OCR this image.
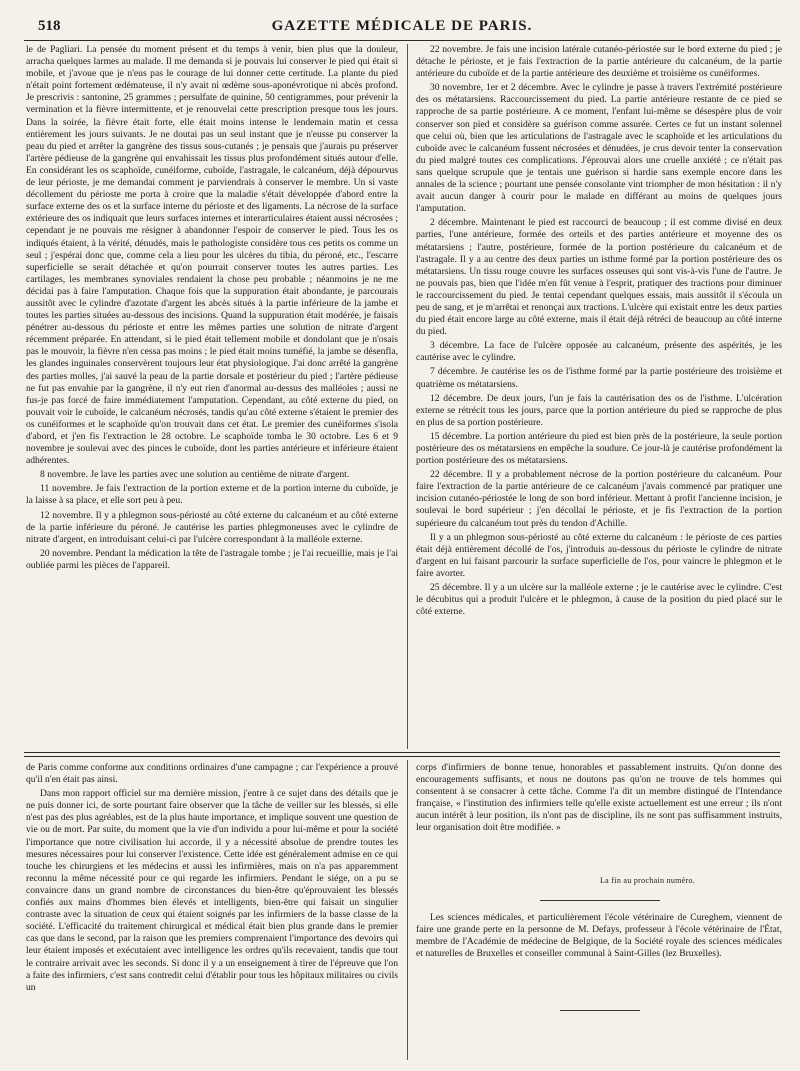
518	GAZETTE MÉDICALE DE PARIS.

le de Pagliari. La pensée du moment présent et du temps à venir, bien plus que la douleur, arracha quelques larmes au malade. Il me demanda si je pouvais lui conserver le pied qui était si mobile, et j'avoue que je n'eus pas le courage de lui donner cette certitude. La plante du pied n'était point fortement œdémateuse, il n'y avait ni œdème sous-aponévrotique ni abcès profond. Je prescrivis : santonine, 25 grammes ; persulfate de quinine, 50 centigrammes, pour prévenir la vermination et la fièvre intermittente, et je renouvelai cette prescription presque tous les jours. Dans la soirée, la fièvre était forte, elle était moins intense le lendemain matin et cessa entièrement les jours suivants. Je ne doutai pas un seul instant que je n'eusse pu conserver la peau du pied et arrêter la gangrène des tissus sous-cutanés ; je pensais que j'aurais pu préserver l'artère pédieuse de la gangrène qui envahissait les tissus plus profondément situés autour d'elle. En considérant les os scaphoïde, cunéiforme, cuboïde, l'astragale, le calcanéum, déjà dépourvus de leur périoste, je me demandai comment je parviendrais à conserver le membre. Un si vaste décollement du périoste me porta à croire que la maladie s'était développée d'abord entre la surface externe des os et la surface interne du périoste et des ligaments. La nécrose de la surface extérieure des os indiquait que leurs surfaces internes et interarticulaires étaient aussi nécrosées ; cependant je ne pouvais me résigner à abandonner l'espoir de conserver le pied. Tous les os indiqués étaient, à la vérité, dénudés, mais le pathologiste considère tous ces petits os comme un seul ; j'espérai donc que, comme cela a lieu pour les ulcères du tibia, du péroné, etc., l'escarre superficielle se serait détachée et qu'on pourrait conserver toutes les autres parties. Les cartilages, les membranes synoviales rendaient la chose peu probable ; néanmoins je ne me décidai pas à faire l'amputation. Chaque fois que la suppuration était abondante, je parcourais aussitôt avec le cylindre d'azotate d'argent les abcès situés à la partie inférieure de la jambe et toutes les parties situées au-dessous des incisions. Quand la suppuration était modérée, je faisais pénétrer au-dessous du périoste et entre les mêmes parties une solution de nitrate d'argent récemment préparée. En attendant, si le pied était tellement mobile et dondolant que je n'osais pas le mouvoir, la fièvre n'en cessa pas moins ; le pied était moins tuméfié, la jambe se désenfla, les glandes inguinales conservèrent toujours leur état physiologique. J'ai donc arrêté la gangrène des parties molles, j'ai sauvé la peau de la partie dorsale et postérieur du pied ; l'artère pédieuse ne fut pas envahie par la gangrène, il n'y eut rien d'anormal au-dessus des malléoles ; aussi ne fus-je pas forcé de faire immédiatement l'amputation. Cependant, au côté externe du pied, on pouvait voir le cuboïde, le calcanéum nécrosés, tandis qu'au côté externe s'étaient le premier des os cunéiformes et le scaphoïde qu'on trouvait dans cet état. Le premier des cunéiformes s'isola d'abord, et j'en fis l'extraction le 28 octobre. Le scaphoïde tomba le 30 octobre. Les 6 et 9 novembre je soulevai avec des pinces le cuboïde, dont les parties antérieure et inférieure étaient adhérentes.

8 novembre. Je lave les parties avec une solution au centième de nitrate d'argent.

11 novembre. Je fais l'extraction de la portion externe et de la portion interne du cuboïde, je la laisse à sa place, et elle sort peu à peu.

12 novembre. Il y a phlegmon sous-périosté au côté externe du calcanéum et au côté externe de la partie inférieure du péroné. Je cautérise les parties phlegmoneuses avec le cylindre de nitrate d'argent, en introduisant celui-ci par l'ulcère correspondant à la malléole externe.

20 novembre. Pendant la médication la tête de l'astragale tombe ; je l'ai recueillie, mais je l'ai oubliée parmi les pièces de l'appareil.

22 novembre. Je fais une incision latérale cutanéo-périostée sur le bord externe du pied ; je détache le périoste, et je fais l'extraction de la partie antérieure du calcanéum, de la partie antérieure du cuboïde et de la partie antérieure des deuxième et troisième os cunéiformes.

30 novembre, 1er et 2 décembre. Avec le cylindre je passe à travers l'extrémité postérieure des os métatarsiens. Raccourcissement du pied. La partie antérieure restante de ce pied se rapproche de sa partie postérieure. A ce moment, l'enfant lui-même se désespère plus de voir conserver son pied et considère sa guérison comme assurée. Certes ce fut un instant solennel que celui où, bien que les articulations de l'astragale avec le scaphoïde et les articulations du cuboïde avec le calcanéum fussent nécrosées et dénudées, je crus devoir tenter la conservation du pied malgré toutes ces complications. J'éprouvai alors une cruelle anxiété ; ce n'était pas sans quelque scrupule que je tentais une guérison si hardie sans exemple encore dans les annales de la science ; pourtant une pensée consolante vint triompher de mon hésitation : il n'y avait aucun danger à courir pour le malade en différant au moins de quelques jours l'amputation.

2 décembre. Maintenant le pied est raccourci de beaucoup ; il est comme divisé en deux parties, l'une antérieure, formée des orteils et des parties antérieure et moyenne des os métatarsiens ; l'autre, postérieure, formée de la portion postérieure du calcanéum et de l'astragale. Il y a au centre des deux parties un isthme formé par la portion postérieure des os métatarsiens. Un tissu rouge couvre les surfaces osseuses qui sont vis-à-vis l'une de l'autre. Je ne pouvais pas, bien que l'idée m'en fût venue à l'esprit, pratiquer des tractions pour diminuer le raccourcissement du pied. Je tentai cependant quelques essais, mais aussitôt il s'écoula un peu de sang, et je m'arrêtai et renonçai aux tractions. L'ulcère qui existait entre les deux parties du pied était encore large au côté externe, mais il était déjà rétréci de beaucoup au côté interne du pied.

3 décembre. La face de l'ulcère opposée au calcanéum, présente des aspérités, je les cautérise avec le cylindre.

7 décembre. Je cautérise les os de l'isthme formé par la partie postérieure des troisième et quatrième os métatarsiens.

12 décembre. De deux jours, l'un je fais la cautérisation des os de l'isthme. L'ulcération externe se rétrécit tous les jours, parce que la portion antérieure du pied se rapproche de plus en plus de sa portion postérieure.

15 décembre. La portion antérieure du pied est bien près de la postérieure, la seule portion postérieure des os métatarsiens en empêche la soudure. Ce jour-là je cautérise profondément la portion postérieure des os métatarsiens.

22 décembre. Il y a probablement nécrose de la portion postérieure du calcanéum. Pour faire l'extraction de la partie antérieure de ce calcanéum j'avais commencé par pratiquer une incision cutanéo-périostée le long de son bord inférieur. Mettant à profit l'ancienne incision, je soulevai le bord supérieur ; j'en décollai le périoste, et je fis l'extraction de la portion supérieure du calcanéum tout près du tendon d'Achille.

Il y a un phlegmon sous-périosté au côté externe du calcanéum : le périoste de ces parties était déjà entièrement décollé de l'os, j'introduis au-dessous du périoste le cylindre de nitrate d'argent en lui faisant parcourir la surface superficielle de l'os, pour vaincre le phlegmon et le faire avorter.

25 décembre. Il y a un ulcère sur la malléole externe ; je le cautérise avec le cylindre. C'est le décubitus qui a produit l'ulcère et le phlegmon, à cause de la position du pied placé sur le côté externe.

de Paris comme conforme aux conditions ordinaires d'une campagne ; car l'expérience a prouvé qu'il n'en était pas ainsi.

Dans mon rapport officiel sur ma dernière mission, j'entre à ce sujet dans des détails que je ne puis donner ici, de sorte pourtant faire observer que la tâche de veiller sur les blessés, si elle n'est pas des plus agréables, est de la plus haute importance, et implique souvent une question de vie ou de mort. Par suite, du moment que la vie d'un individu a pour lui-même et pour la société l'importance que notre civilisation lui accorde, il y a nécessité absolue de prendre toutes les mesures nécessaires pour lui conserver l'existence. Cette idée est généralement admise en ce qui touche les chirurgiens et les médecins et aussi les infirmières, mais on n'a pas apparemment reconnu la même nécessité pour ce qui regarde les infirmiers. Pendant le siége, on a pu se convaincre dans un grand nombre de circonstances du bien-être qu'éprouvaient les blessés confiés aux mains d'hommes bien élevés et intelligents, bien-être qui faisait un singulier contraste avec la situation de ceux qui étaient soignés par les infirmiers de la basse classe de la société. L'efficacité du traitement chirurgical et médical était bien plus grande dans le premier cas que dans le second, par la raison que les premiers comprenaient l'importance des devoirs qui leur étaient imposés et exécutaient avec intelligence les ordres qu'ils recevaient, tandis que tout le contraire arrivait avec les seconds. Si donc il y a un enseignement à tirer de l'épreuve que l'on a faite des infirmiers, c'est sans contredit celui d'établir pour tous les hôpitaux militaires ou civils un

corps d'infirmiers de bonne tenue, honorables et passablement instruits. Qu'on donne des encouragements suffisants, et nous ne doutons pas qu'on ne trouve de tels hommes qui consentent à se consacrer à cette tâche. Comme l'a dit un membre distingué de l'Intendance française, « l'institution des infirmiers telle qu'elle existe actuellement est une erreur ; ils n'ont aucun intérêt à leur position, ils n'ont pas de discipline, ils ne sont pas suffisamment instruits, leur organisation doit être modifiée. »

La fin au prochain numéro.

Les sciences médicales, et particulièrement l'école vétérinaire de Cureghem, viennent de faire une grande perte en la personne de M. Defays, professeur à l'école vétérinaire de l'État, membre de l'Académie de médecine de Belgique, de la Société royale des sciences médicales et naturelles de Bruxelles et conseiller communal à Saint-Gilles (lez Bruxelles).
